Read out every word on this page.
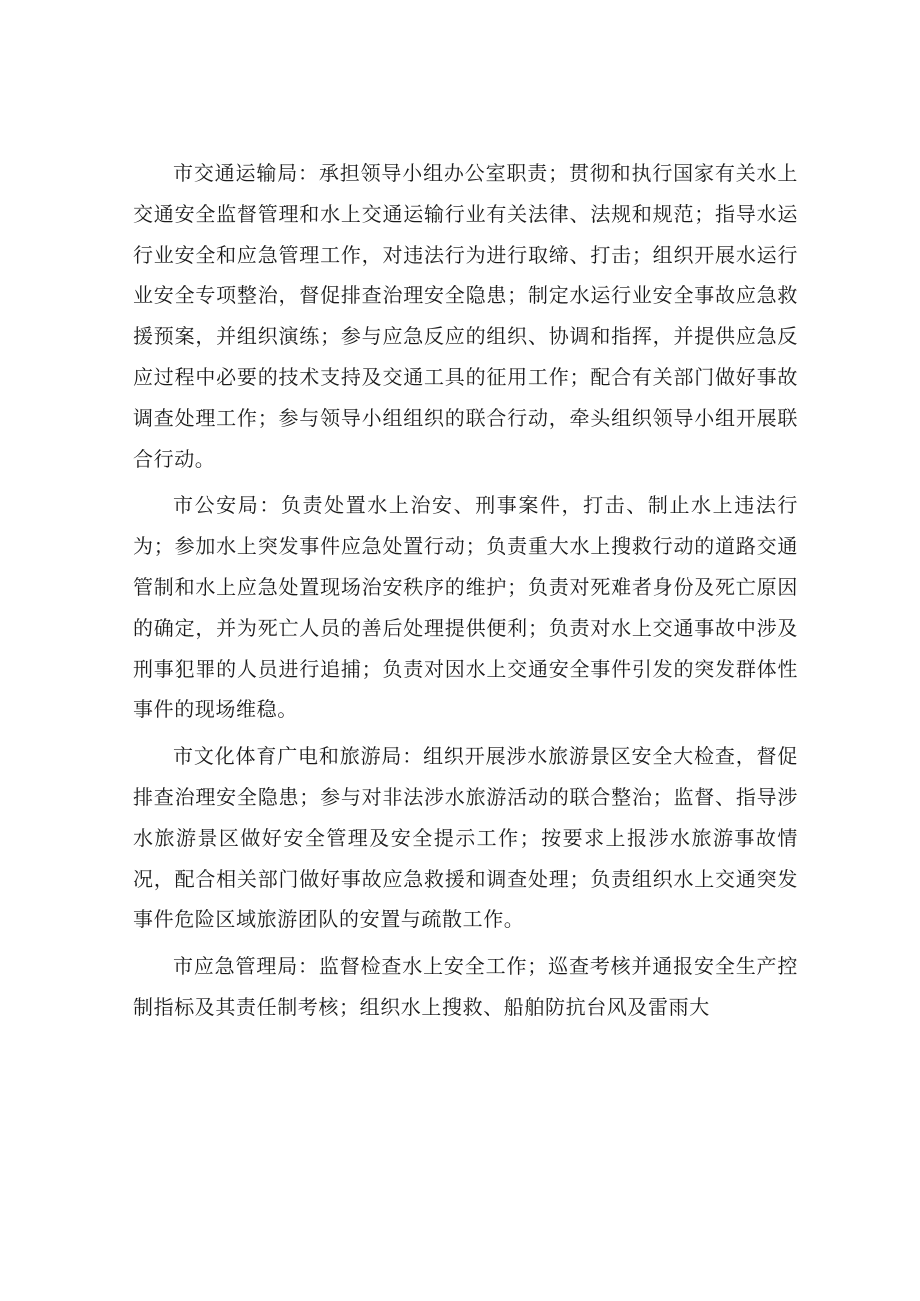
市交通运输局：承担领导小组办公室职责；贯彻和执行国家有关水上交通安全监督管理和水上交通运输行业有关法律、法规和规范；指导水运行业安全和应急管理工作，对违法行为进行取缔、打击；组织开展水运行业安全专项整治，督促排查治理安全隐患；制定水运行业安全事故应急救援预案，并组织演练；参与应急反应的组织、协调和指挥，并提供应急反应过程中必要的技术支持及交通工具的征用工作；配合有关部门做好事故调查处理工作；参与领导小组组织的联合行动，牵头组织领导小组开展联合行动。

市公安局：负责处置水上治安、刑事案件，打击、制止水上违法行为；参加水上突发事件应急处置行动；负责重大水上搜救行动的道路交通管制和水上应急处置现场治安秩序的维护；负责对死难者身份及死亡原因的确定，并为死亡人员的善后处理提供便利；负责对水上交通事故中涉及刑事犯罪的人员进行追捕；负责对因水上交通安全事件引发的突发群体性事件的现场维稳。

市文化体育广电和旅游局：组织开展涉水旅游景区安全大检查，督促排查治理安全隐患；参与对非法涉水旅游活动的联合整治；监督、指导涉水旅游景区做好安全管理及安全提示工作；按要求上报涉水旅游事故情况，配合相关部门做好事故应急救援和调查处理；负责组织水上交通突发事件危险区域旅游团队的安置与疏散工作。

市应急管理局：监督检查水上安全工作；巡查考核并通报安全生产控制指标及其责任制考核；组织水上搜救、船舶防抗台风及雷雨大
